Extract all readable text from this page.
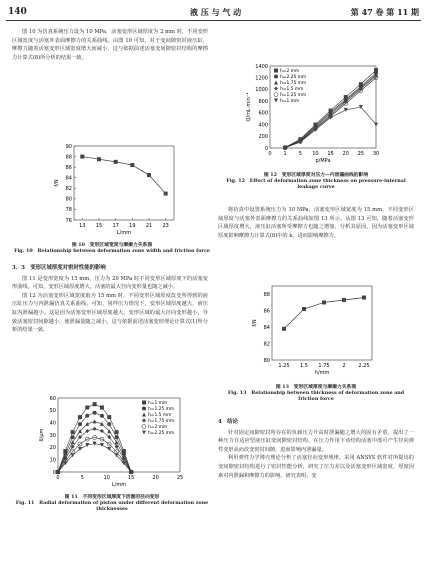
140	液 压 与 气 动	第 47 卷 第 11 期

图 10 为仿真系统压力设为 10 MPa，活塞变形区域厚度为 2 mm 时，不同变形区域宽度与活塞外表面摩擦力的关系曲线。由图 10 可知，对于变间隙密封液压缸，摩擦力随着活塞变形区域宽度增大而减小。这与依据前述活塞变间隙密封结构的摩擦力计算式(8)所分析的结果一致。

13 15 17 19 21 23
76
78
80
82
84
86
88
90
L/mm
f/N
图 10　变形区域宽度与摩擦力关系图
Fig. 10　Relationship between deformation zone width and friction force
3．3　变形区域厚度对密封性能的影响

图 11 是变形宽度为 15 mm，压力为 20 MPa 时不同变形区域厚度下的活塞变形曲线。可知，变形区域厚度增大，活塞的最大径向变形量也随之减小。

图 12 为活塞变形区域宽度取为 15 mm 时，不同变形区域厚度改变所得到的液压缸压力与内泄漏仿真关系曲线。可知，同样压力情况下，变形区域厚度越大，液压缸内泄漏越小。这是因为活塞变形区域厚度越大，变形区域的最大径向变形越小，导致活塞密封间隙越小，使泄漏量随之减小。这与依据前述活塞变形理论计算式(1)所分析的结果一致。

0	5	10	15	20	25
0
10
20
30
40
50
60
L/mm
δ/μm
h=1 mm
h=1.25 mm
h=1.5 mm
h=1.75 mm
h=2 mm
h=2.25 mm
图 11　不同变形区域厚度下活塞的径向变形
Fig. 11　Radial deformation of piston under different deformation zone thicknesses
0 1 5 10 15 20 25 30
0
200
400
600
800
1000
1200
1400
p/MPa
Q/mL·min⁻¹
h=2 mm
h=2.25 mm
h=1.75 mm
h=1.5 mm
h=1.25 mm
h=1 mm
图 12　变形区域厚度对压力—内泄漏曲线的影响
Fig. 12　Effect of deformation zone thickness on pressure-internal leakage curve

将仿真中设置系统压力为 10 MPa，活塞变形区域宽度为 15 mm，不同变形区域厚度与活塞外表面摩擦力的关系曲线如图 13 所示。从图 13 可知，随着活塞变形区域厚度增大，液压缸活塞所受摩擦力也随之增加。分析其原因，因为活塞变形区域厚度影响摩擦力计算式(8)中的 k，进而影响摩擦力。

1.25 1.5 1.75	2	2.25
80
82
84
86
88
h/mm
f/N
图 13　变形区域厚度与摩擦力关系图
Fig. 13　Relationship between thickness of deformation zone and friction force
4　结论

针对固定间隙密封所存在的负载压力升高时泄漏随之增大的固有矛盾，提出了一种压力自适应型液压缸变间隙密封结构，在压力作用下该结构活塞中部可产生径向弹性变形从而改变密封间隙，进而影响内泄漏量。

利用弹性力学薄壳理论分析了活塞径向变形规律，采用 ANSYS 软件对所提出的变间隙密封结构进行了密封性能分析，研究了压力差以及活塞变形区域宽度、厚度因素对内泄漏和摩擦力的影响。研究表明，变
